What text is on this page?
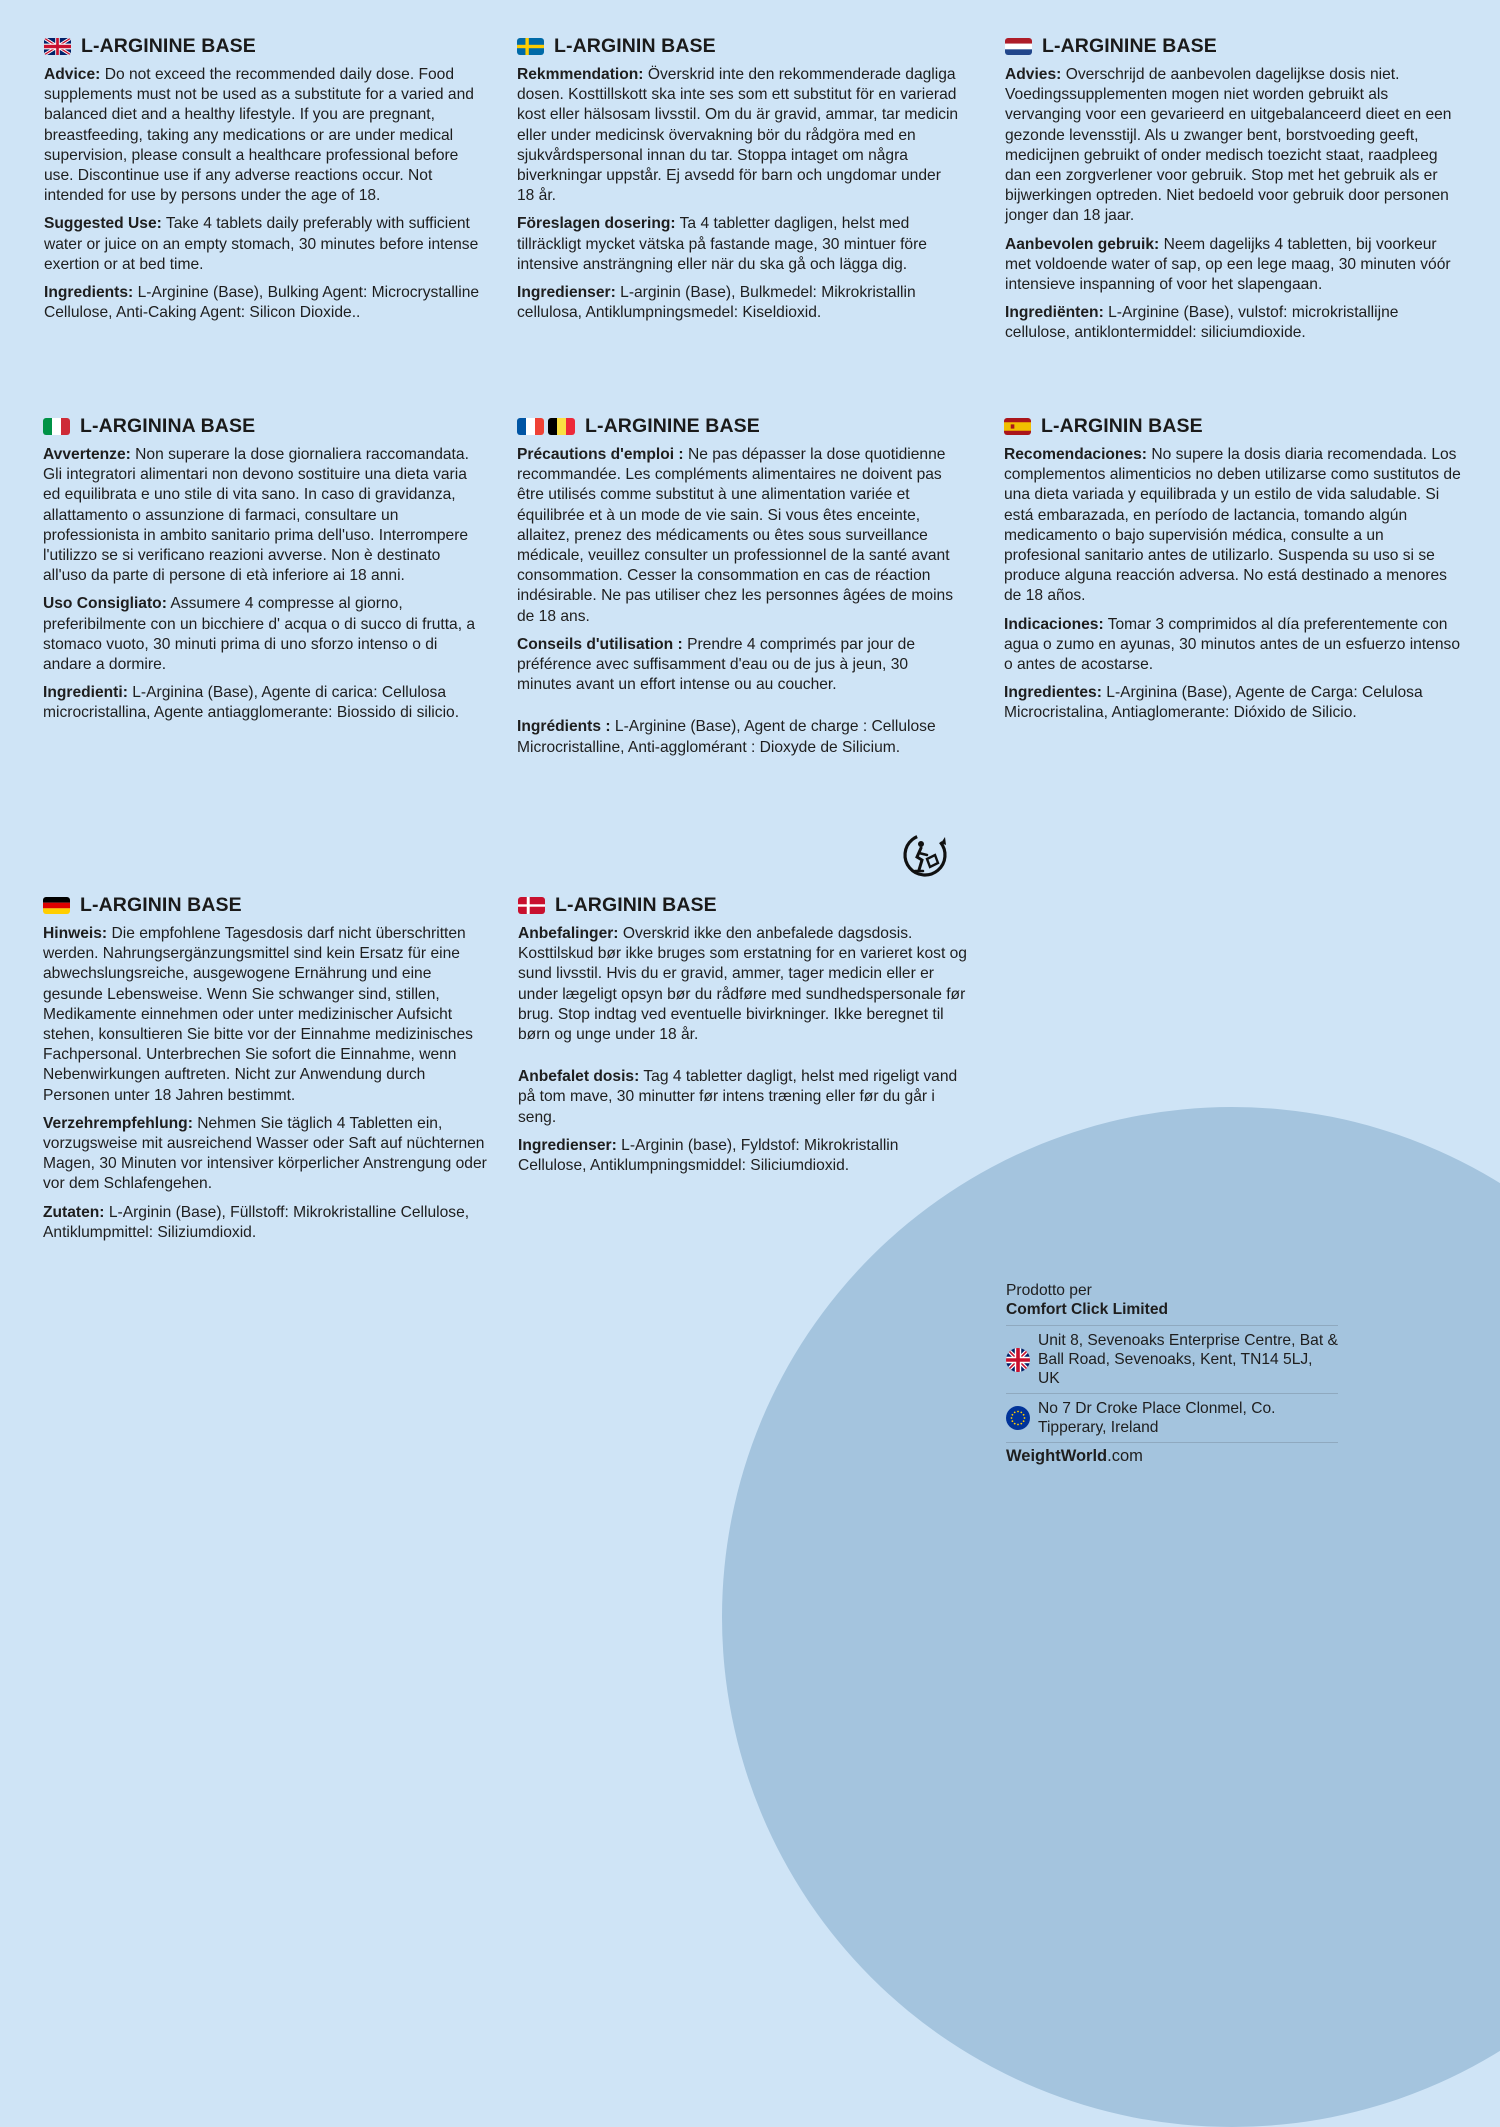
L-ARGININE BASE

Advice: Do not exceed the recommended daily dose. Food supplements must not be used as a substitute for a varied and balanced diet and a healthy lifestyle. If you are pregnant, breastfeeding, taking any medications or are under medical supervision, please consult a healthcare professional before use. Discontinue use if any adverse reactions occur. Not intended for use by persons under the age of 18.

Suggested Use: Take 4 tablets daily preferably with sufficient water or juice on an empty stomach, 30 minutes before intense exertion or at bed time.

Ingredients: L-Arginine (Base), Bulking Agent: Microcrystalline Cellulose, Anti-Caking Agent: Silicon Dioxide..

L-ARGININ BASE

Rekmmendation: Överskrid inte den rekommenderade dagliga dosen. Kosttillskott ska inte ses som ett substitut för en varierad kost eller hälsosam livsstil. Om du är gravid, ammar, tar medicin eller under medicinsk övervakning bör du rådgöra med en sjukvårdspersonal innan du tar. Stoppa intaget om några biverkningar uppstår. Ej avsedd för barn och ungdomar under 18 år.

Föreslagen dosering: Ta 4 tabletter dagligen, helst med tillräckligt mycket vätska på fastande mage, 30 mintuer före intensive ansträngning eller när du ska gå och lägga dig.

Ingredienser: L-arginin (Base), Bulkmedel: Mikrokristallin cellulosa, Antiklumpningsmedel: Kiseldioxid.

L-ARGININE BASE

Advies: Overschrijd de aanbevolen dagelijkse dosis niet. Voedingssupplementen mogen niet worden gebruikt als vervanging voor een gevarieerd en uitgebalanceerd dieet en een gezonde levensstijl. Als u zwanger bent, borstvoeding geeft, medicijnen gebruikt of onder medisch toezicht staat, raadpleeg dan een zorgverlener voor gebruik. Stop met het gebruik als er bijwerkingen optreden. Niet bedoeld voor gebruik door personen jonger dan 18 jaar.

Aanbevolen gebruik: Neem dagelijks 4 tabletten, bij voorkeur met voldoende water of sap, op een lege maag, 30 minuten vóór intensieve inspanning of voor het slapengaan.

Ingrediënten: L-Arginine (Base), vulstof: microkristallijne cellulose, antiklontermiddel: siliciumdioxide.

L-ARGININA BASE

Avvertenze: Non superare la dose giornaliera raccomandata. Gli integratori alimentari non devono sostituire una dieta varia ed equilibrata e uno stile di vita sano. In caso di gravidanza, allattamento o assunzione di farmaci, consultare un professionista in ambito sanitario prima dell'uso. Interrompere l'utilizzo se si verificano reazioni avverse. Non è destinato all'uso da parte di persone di età inferiore ai 18 anni.

Uso Consigliato: Assumere 4 compresse al giorno, preferibilmente con un bicchiere d' acqua o di succo di frutta, a stomaco vuoto, 30 minuti prima di uno sforzo intenso o di andare a dormire.

Ingredienti: L-Arginina (Base), Agente di carica: Cellulosa microcristallina, Agente antiagglomerante: Biossido di silicio.

L-ARGININE BASE

Précautions d'emploi : Ne pas dépasser la dose quotidienne recommandée. Les compléments alimentaires ne doivent pas être utilisés comme substitut à une alimentation variée et équilibrée et à un mode de vie sain. Si vous êtes enceinte, allaitez, prenez des médicaments ou êtes sous surveillance médicale, veuillez consulter un professionnel de la santé avant consommation. Cesser la consommation en cas de réaction indésirable. Ne pas utiliser chez les personnes âgées de moins de 18 ans.

Conseils d'utilisation : Prendre 4 comprimés par jour de préférence avec suffisamment d'eau ou de jus à jeun, 30 minutes avant un effort intense ou au coucher.

Ingrédients : L-Arginine (Base), Agent de charge : Cellulose Microcristalline, Anti-agglomérant : Dioxyde de Silicium.

L-ARGININ BASE

Recomendaciones: No supere la dosis diaria recomendada. Los complementos alimenticios no deben utilizarse como sustitutos de una dieta variada y equilibrada y un estilo de vida saludable. Si está embarazada, en período de lactancia, tomando algún medicamento o bajo supervisión médica, consulte a un profesional sanitario antes de utilizarlo. Suspenda su uso si se produce alguna reacción adversa. No está destinado a menores de 18 años.

Indicaciones: Tomar 3 comprimidos al día preferentemente con agua o zumo en ayunas, 30 minutos antes de un esfuerzo intenso o antes de acostarse.

Ingredientes: L-Arginina (Base), Agente de Carga: Celulosa Microcristalina, Antiaglomerante: Dióxido de Silicio.

L-ARGININ BASE

Hinweis: Die empfohlene Tagesdosis darf nicht überschritten werden. Nahrungsergänzungsmittel sind kein Ersatz für eine abwechslungsreiche, ausgewogene Ernährung und eine gesunde Lebensweise. Wenn Sie schwanger sind, stillen, Medikamente einnehmen oder unter medizinischer Aufsicht stehen, konsultieren Sie bitte vor der Einnahme medizinisches Fachpersonal. Unterbrechen Sie sofort die Einnahme, wenn Nebenwirkungen auftreten. Nicht zur Anwendung durch Personen unter 18 Jahren bestimmt.

Verzehrempfehlung: Nehmen Sie täglich 4 Tabletten ein, vorzugsweise mit ausreichend Wasser oder Saft auf nüchternen Magen, 30 Minuten vor intensiver körperlicher Anstrengung oder vor dem Schlafengehen.

Zutaten: L-Arginin (Base), Füllstoff: Mikrokristalline Cellulose, Antiklumpmittel: Siliziumdioxid.

L-ARGININ BASE

Anbefalinger: Overskrid ikke den anbefalede dagsdosis. Kosttilskud bør ikke bruges som erstatning for en varieret kost og sund livsstil. Hvis du er gravid, ammer, tager medicin eller er under lægeligt opsyn bør du rådføre med sundhedspersonale før brug. Stop indtag ved eventuelle bivirkninger. Ikke beregnet til børn og unge under 18 år.

Anbefalet dosis: Tag 4 tabletter dagligt, helst med rigeligt vand på tom mave, 30 minutter før intens træning eller før du går i seng.

Ingredienser: L-Arginin (base), Fyldstof: Mikrokristallin Cellulose, Antiklumpningsmiddel: Siliciumdioxid.

Prodotto per
Comfort Click Limited
Unit 8, Sevenoaks Enterprise Centre, Bat & Ball Road, Sevenoaks, Kent, TN14 5LJ, UK
No 7 Dr Croke Place Clonmel, Co. Tipperary, Ireland
WeightWorld.com
